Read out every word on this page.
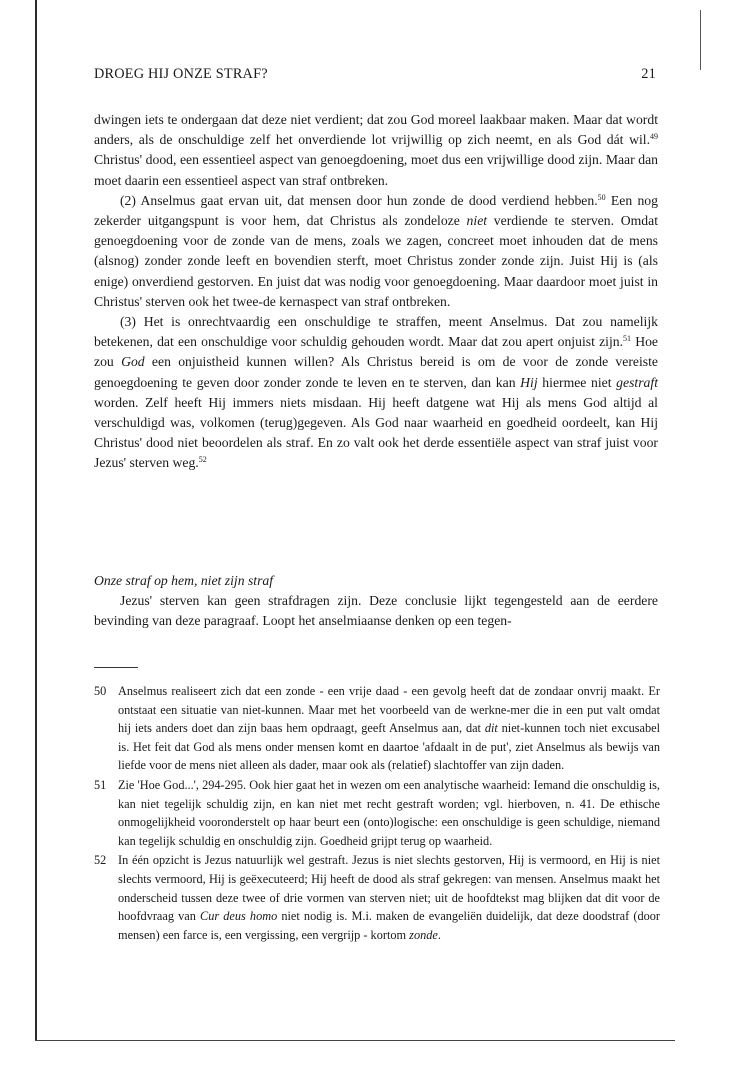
DROEG HIJ ONZE STRAF?	21

dwingen iets te ondergaan dat deze niet verdient; dat zou God moreel laakbaar maken. Maar dat wordt anders, als de onschuldige zelf het onverdiende lot vrijwillig op zich neemt, en als God dát wil.$^{49}$ Christus' dood, een essentieel aspect van genoegdoening, moet dus een vrijwillige dood zijn. Maar dan moet daarin een essentieel aspect van straf ontbreken.

(2) Anselmus gaat ervan uit, dat mensen door hun zonde de dood verdiend hebben.$^{50}$ Een nog zekerder uitgangspunt is voor hem, dat Christus als zondeloze niet verdiende te sterven. Omdat genoegdoening voor de zonde van de mens, zoals we zagen, concreet moet inhouden dat de mens (alsnog) zonder zonde leeft en bovendien sterft, moet Christus zonder zonde zijn. Juist Hij is (als enige) onverdiend gestorven. En juist dat was nodig voor genoegdoening. Maar daardoor moet juist in Christus' sterven ook het twee-de kernaspect van straf ontbreken.

(3) Het is onrechtvaardig een onschuldige te straffen, meent Anselmus. Dat zou namelijk betekenen, dat een onschuldige voor schuldig gehouden wordt. Maar dat zou apert onjuist zijn.$^{51}$ Hoe zou God een onjuistheid kunnen willen? Als Christus bereid is om de voor de zonde vereiste genoegdoening te geven door zonder zonde te leven en te sterven, dan kan Hij hiermee niet gestraft worden. Zelf heeft Hij immers niets misdaan. Hij heeft datgene wat Hij als mens God altijd al verschuldigd was, volkomen (terug)gegeven. Als God naar waarheid en goedheid oordeelt, kan Hij Christus' dood niet beoordelen als straf. En zo valt ook het derde essentiële aspect van straf juist voor Jezus' sterven weg.$^{52}$

Onze straf op hem, niet zijn straf

Jezus' sterven kan geen strafdragen zijn. Deze conclusie lijkt tegengesteld aan de eerdere bevinding van deze paragraaf. Loopt het anselmiaanse denken op een tegen-

50 Anselmus realiseert zich dat een zonde - een vrije daad - een gevolg heeft dat de zondaar onvrij maakt. Er ontstaat een situatie van niet-kunnen. Maar met het voorbeeld van de werkne-mer die in een put valt omdat hij iets anders doet dan zijn baas hem opdraagt, geeft Anselmus aan, dat dit niet-kunnen toch niet excusabel is. Het feit dat God als mens onder mensen komt en daartoe 'afdaalt in de put', ziet Anselmus als bewijs van liefde voor de mens niet alleen als dader, maar ook als (relatief) slachtoffer van zijn daden.
51 Zie 'Hoe God...', 294-295. Ook hier gaat het in wezen om een analytische waarheid: Iemand die onschuldig is, kan niet tegelijk schuldig zijn, en kan niet met recht gestraft worden; vgl. hierboven, n. 41. De ethische onmogelijkheid vooronderstelt op haar beurt een (onto)logische: een onschuldige is geen schuldige, niemand kan tegelijk schuldig en onschuldig zijn. Goedheid grijpt terug op waarheid.
52 In één opzicht is Jezus natuurlijk wel gestraft. Jezus is niet slechts gestorven, Hij is vermoord, en Hij is niet slechts vermoord, Hij is geëxecuteerd; Hij heeft de dood als straf gekregen: van mensen. Anselmus maakt het onderscheid tussen deze twee of drie vormen van sterven niet; uit de hoofdtekst mag blijken dat dit voor de hoofdvraag van Cur deus homo niet nodig is. M.i. maken de evangeliën duidelijk, dat deze doodstraf (door mensen) een farce is, een vergissing, een vergrijp - kortom zonde.
